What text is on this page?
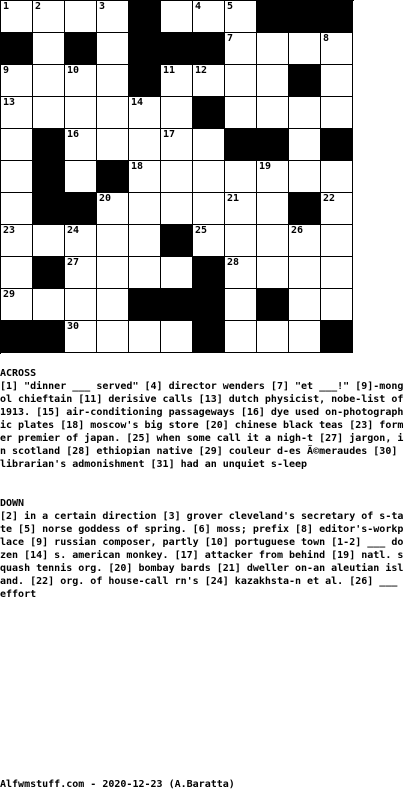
1	2	3	4	5
7	8
9	10	11 12
13	14
16	17
18	19
20	21	22
23	24	25	26
27	28
29
30
ACROSS
[1] "dinner ___ served" [4] director wenders [7] "et ___!" [9]-mongol chieftain [11] derisive calls [13] dutch physicist, nobe-list of 1913. [15] air-conditioning passageways [16] dye used on-photographic plates [18] moscow's big store [20] chinese black teas [23] former premier of japan. [25] when some call it a nigh-t [27] jargon, in scotland [28] ethiopian native [29] couleur d-es Ã©meraudes [30] librarian's admonishment [31] had an unquiet s-leep
DOWN
[2] in a certain direction [3] grover cleveland's secretary of s-tate [5] norse goddess of spring. [6] moss; prefix [8] editor's-workplace [9] russian composer, partly [10] portuguese town [1-2] ___ dozen [14] s. american monkey. [17] attacker from behind [19] natl. squash tennis org. [20] bombay bards [21] dweller on-an aleutian island. [22] org. of house-call rn's [24] kazakhsta-n et al. [26] ___ effort
Alfwmstuff.com - 2020-12-23 (A.Baratta)
